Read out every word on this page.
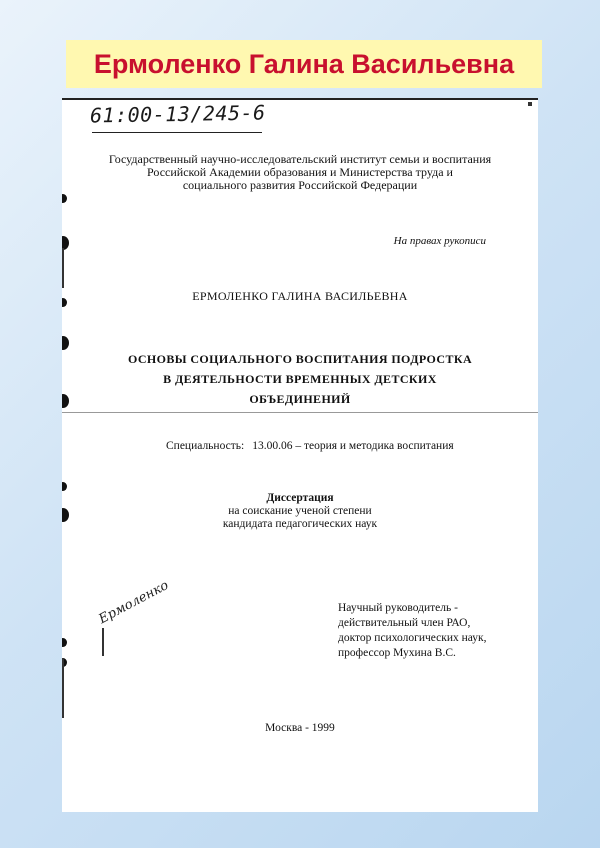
Ермоленко Галина Васильевна
61:00-13/245-6
Государственный научно-исследовательский институт семьи и воспитания
Российской Академии образования и Министерства труда и
социального развития Российской Федерации
На правах рукописи
ЕРМОЛЕНКО ГАЛИНА ВАСИЛЬЕВНА
ОСНОВЫ СОЦИАЛЬНОГО ВОСПИТАНИЯ ПОДРОСТКА
В ДЕЯТЕЛЬНОСТИ ВРЕМЕННЫХ ДЕТСКИХ
ОБЪЕДИНЕНИЙ
Специальность: 13.00.06 – теория и методика воспитания
Диссертация
на соискание ученой степени
кандидата педагогических наук
Ермоленко	Научный руководитель -
действительный член РАО,
доктор психологических наук,
профессор Мухина В.С.
Москва - 1999
